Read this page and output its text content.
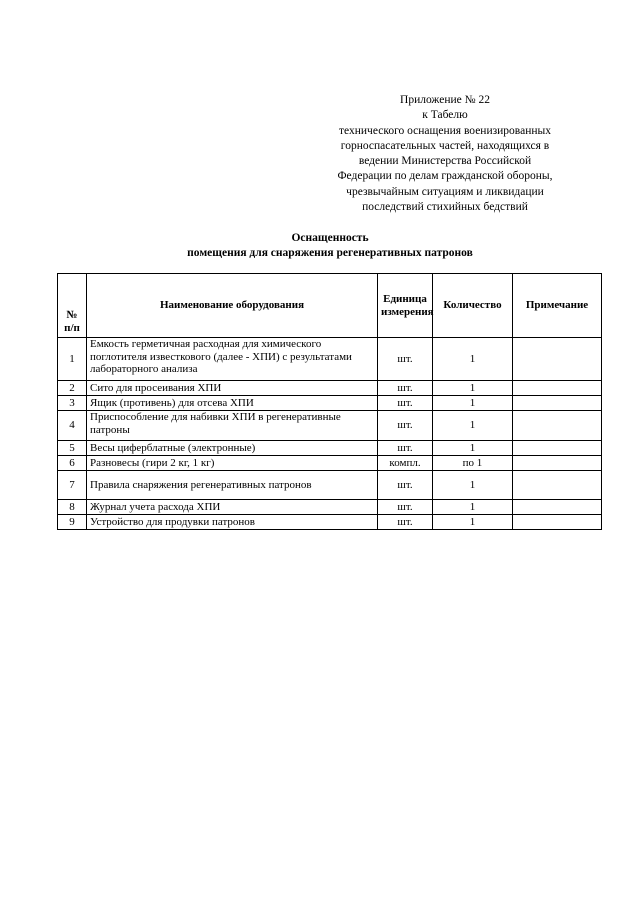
Приложение № 22
к Табелю
технического оснащения военизированных
горноспасательных частей, находящихся в
ведении Министерства Российской
Федерации по делам гражданской обороны,
чрезвычайным ситуациям и ликвидации
последствий стихийных бедствий
Оснащенность
помещения для снаряжения регенеративных патронов
№ п/п	Наименование оборудования	Единица измерения	Количество	Примечание
1	Емкость герметичная расходная для химического поглотителя известкового (далее - ХПИ) с результатами лабораторного анализа	шт.	1	
2	Сито для просеивания ХПИ	шт.	1	
3	Ящик (противень) для отсева ХПИ	шт.	1	
4	Приспособление для набивки ХПИ в регенеративные патроны	шт.	1	
5	Весы циферблатные (электронные)	шт.	1	
6	Разновесы (гири 2 кг, 1 кг)	компл.	по 1	
7	Правила снаряжения регенеративных патронов	шт.	1	
8	Журнал учета расхода ХПИ	шт.	1	
9	Устройство для продувки патронов	шт.	1	
